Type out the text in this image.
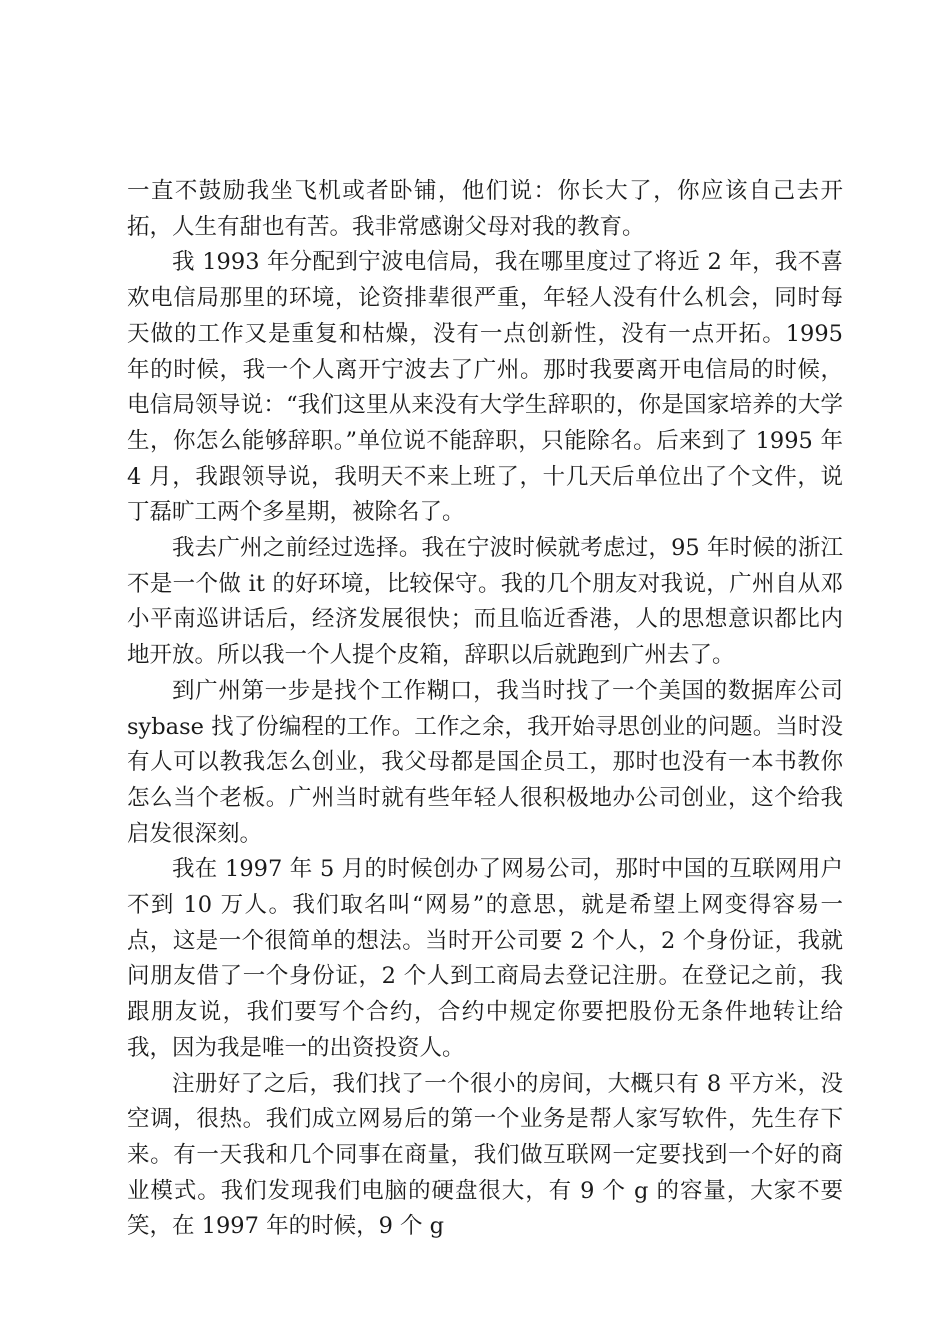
一直不鼓励我坐飞机或者卧铺，他们说：你长大了，你应该自己去开拓，人生有甜也有苦。我非常感谢父母对我的教育。

我 1993 年分配到宁波电信局，我在哪里度过了将近 2 年，我不喜欢电信局那里的环境，论资排辈很严重，年轻人没有什么机会，同时每天做的工作又是重复和枯燥，没有一点创新性，没有一点开拓。1995 年的时候，我一个人离开宁波去了广州。那时我要离开电信局的时候，电信局领导说：“我们这里从来没有大学生辞职的，你是国家培养的大学生，你怎么能够辞职。”单位说不能辞职，只能除名。后来到了 1995 年 4 月，我跟领导说，我明天不来上班了，十几天后单位出了个文件，说丁磊旷工两个多星期，被除名了。

我去广州之前经过选择。我在宁波时候就考虑过，95 年时候的浙江不是一个做 it 的好环境，比较保守。我的几个朋友对我说，广州自从邓小平南巡讲话后，经济发展很快；而且临近香港，人的思想意识都比内地开放。所以我一个人提个皮箱，辞职以后就跑到广州去了。

到广州第一步是找个工作糊口，我当时找了一个美国的数据库公司 sybase 找了份编程的工作。工作之余，我开始寻思创业的问题。当时没有人可以教我怎么创业，我父母都是国企员工，那时也没有一本书教你怎么当个老板。广州当时就有些年轻人很积极地办公司创业，这个给我启发很深刻。

我在 1997 年 5 月的时候创办了网易公司，那时中国的互联网用户不到 10 万人。我们取名叫“网易”的意思，就是希望上网变得容易一点，这是一个很简单的想法。当时开公司要 2 个人，2 个身份证，我就问朋友借了一个身份证，2 个人到工商局去登记注册。在登记之前，我跟朋友说，我们要写个合约，合约中规定你要把股份无条件地转让给我，因为我是唯一的出资投资人。

注册好了之后，我们找了一个很小的房间，大概只有 8 平方米，没空调，很热。我们成立网易后的第一个业务是帮人家写软件，先生存下来。有一天我和几个同事在商量，我们做互联网一定要找到一个好的商业模式。我们发现我们电脑的硬盘很大，有 9 个 g 的容量，大家不要笑，在 1997 年的时候，9 个 g
